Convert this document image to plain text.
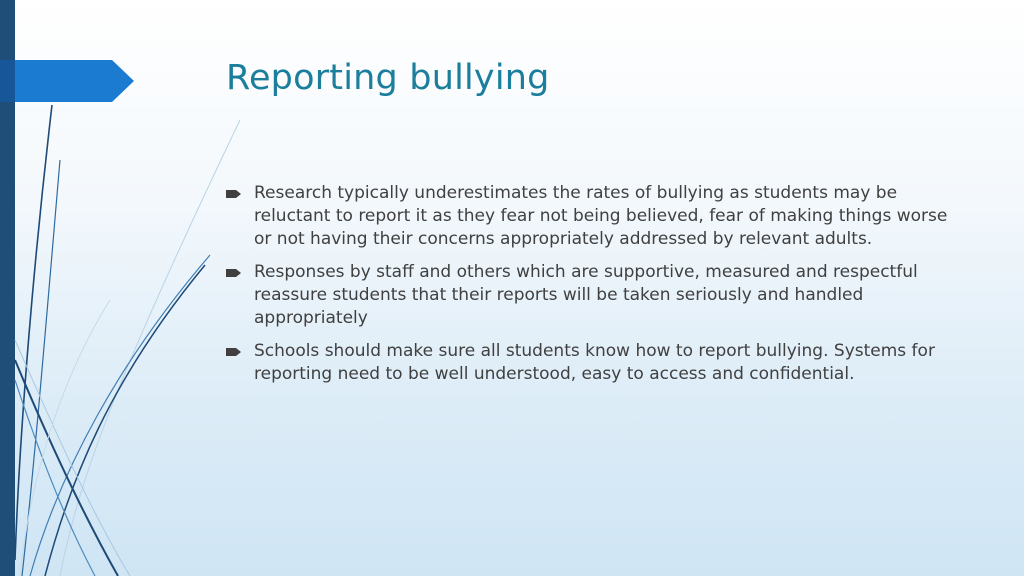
Reporting bullying
Research typically underestimates the rates of bullying as students may be reluctant to report it as they fear not being believed, fear of making things worse or not having their concerns appropriately addressed by relevant adults.
Responses by staff and others which are supportive, measured and respectful reassure students that their reports will be taken seriously and handled appropriately
Schools should make sure all students know how to report bullying. Systems for reporting need to be well understood, easy to access and confidential.
